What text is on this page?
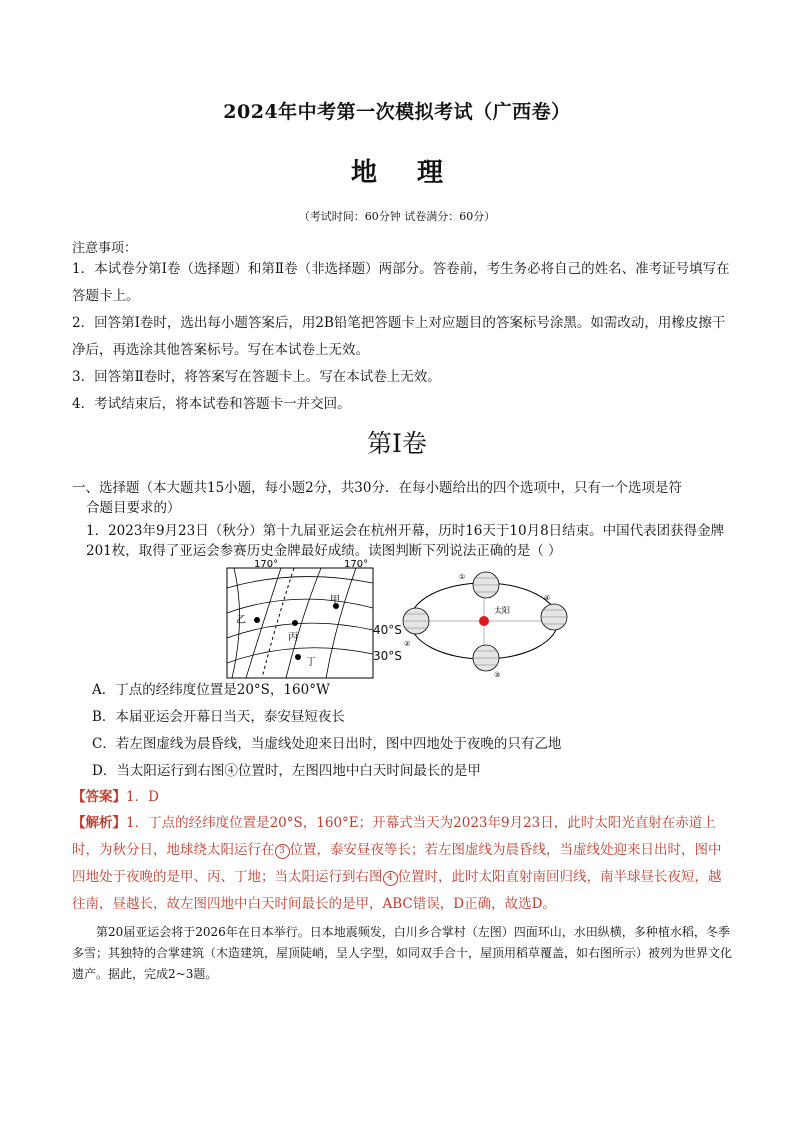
2024年中考第一次模拟考试（广西卷）
地理
（考试时间：60分钟 试卷满分：60分）
注意事项：
1．本试卷分第Ⅰ卷（选择题）和第Ⅱ卷（非选择题）两部分。答卷前，考生务必将自己的姓名、准考证号填写在答题卡上。
2．回答第Ⅰ卷时，选出每小题答案后，用2B铅笔把答题卡上对应题目的答案标号涂黑。如需改动，用橡皮擦干净后，再选涂其他答案标号。写在本试卷上无效。
3．回答第Ⅱ卷时，将答案写在答题卡上。写在本试卷上无效。
4．考试结束后，将本试卷和答题卡一并交回。
第Ⅰ卷
一、选择题（本大题共15小题，每小题2分，共30分．在每小题给出的四个选项中，只有一个选项是符
合题目要求的）
1．2023年9月23日（秋分）第十九届亚运会在杭州开幕，历时16天于10月8日结束。中国代表团获得金牌201枚，取得了亚运会参赛历史金牌最好成绩。读图判断下列说法正确的是（ ）
甲
乙
丙
丁
170°	170°
40°S
30°S
太阳
①
②
③
④
A．丁点的经纬度位置是20°S，160°W
B．本届亚运会开幕日当天，泰安昼短夜长
C．若左图虚线为晨昏线，当虚线处迎来日出时，图中四地处于夜晚的只有乙地
D．当太阳运行到右图④位置时，左图四地中白天时间最长的是甲
【答案】1．D
【解析】1．丁点的经纬度位置是20°S，160°E；开幕式当天为2023年9月23日，此时太阳光直射在赤道上时，为秋分日，地球绕太阳运行在 3 位置，泰安昼夜等长；若左图虚线为晨昏线，当虚线处迎来日出时，图中四地处于夜晚的是甲、丙、丁地；当太阳运行到右图 4 位置时，此时太阳直射南回归线，南半球昼长夜短，越往南，昼越长，故左图四地中白天时间最长的是甲，ABC错误，D正确，故选D。
第20届亚运会将于2026年在日本举行。日本地震频发，白川乡合掌村（左图）四面环山，水田纵横，多种植水稻，冬季多雪；其独特的合掌建筑（木造建筑，屋顶陡峭，呈人字型，如同双手合十，屋顶用稻草覆盖，如右图所示）被列为世界文化遗产。据此，完成2~3题。
